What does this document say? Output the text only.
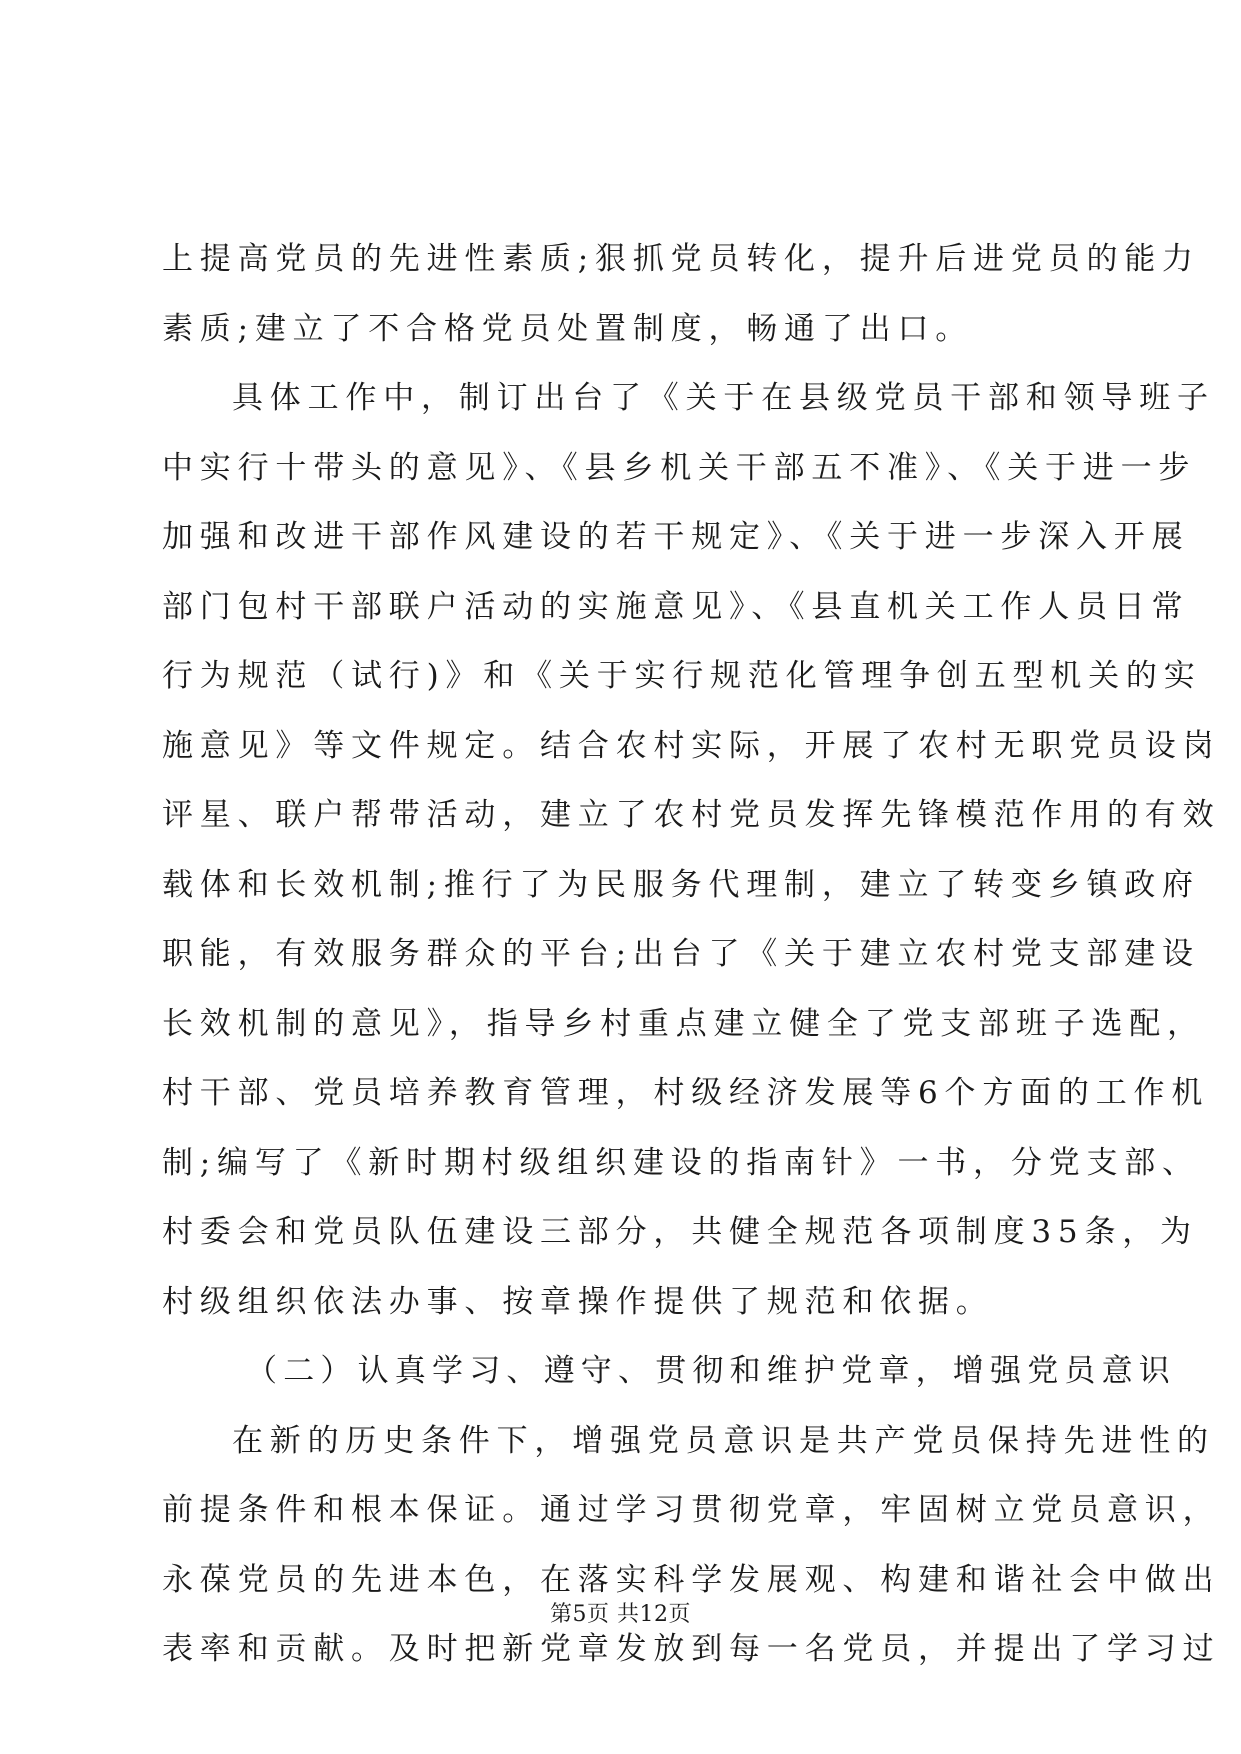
上提高党员的先进性素质;狠抓党员转化，提升后进党员的能力
素质;建立了不合格党员处置制度，畅通了出口。
具体工作中，制订出台了《关于在县级党员干部和领导班子
中实行十带头的意见》、《县乡机关干部五不准》、《关于进一步
加强和改进干部作风建设的若干规定》、《关于进一步深入开展
部门包村干部联户活动的实施意见》、《县直机关工作人员日常
行为规范（试行)》和《关于实行规范化管理争创五型机关的实
施意见》等文件规定。结合农村实际，开展了农村无职党员设岗
评星、联户帮带活动，建立了农村党员发挥先锋模范作用的有效
载体和长效机制;推行了为民服务代理制，建立了转变乡镇政府
职能，有效服务群众的平台;出台了《关于建立农村党支部建设
长效机制的意见》，指导乡村重点建立健全了党支部班子选配，
村干部、党员培养教育管理，村级经济发展等6个方面的工作机
制;编写了《新时期村级组织建设的指南针》一书，分党支部、
村委会和党员队伍建设三部分，共健全规范各项制度35条，为
村级组织依法办事、按章操作提供了规范和依据。
（二）认真学习、遵守、贯彻和维护党章，增强党员意识
在新的历史条件下，增强党员意识是共产党员保持先进性的
前提条件和根本保证。通过学习贯彻党章，牢固树立党员意识，
永葆党员的先进本色，在落实科学发展观、构建和谐社会中做出
表率和贡献。及时把新党章发放到每一名党员，并提出了学习过
第5页 共12页
